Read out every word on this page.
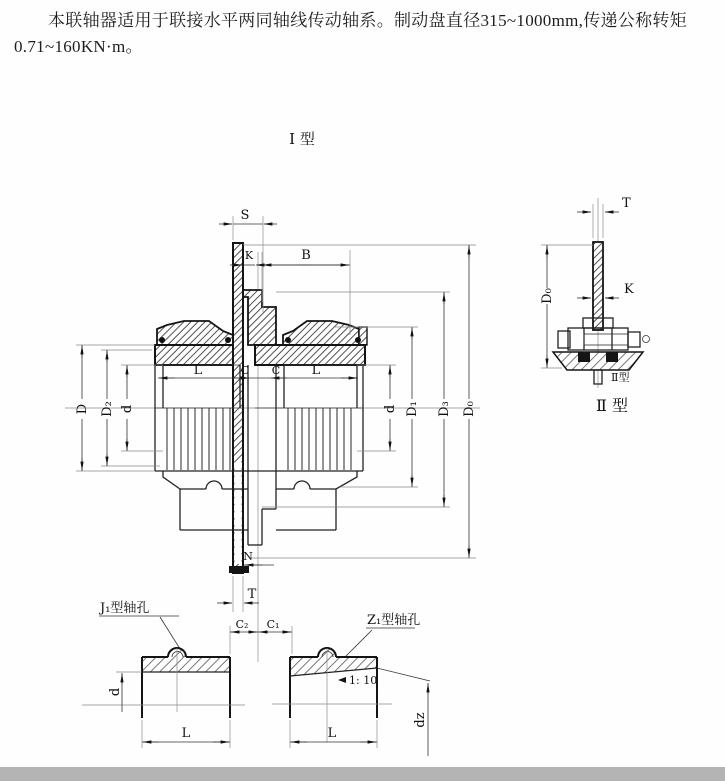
本联轴器适用于联接水平两同轴线传动轴系。制动盘直径315~1000mm,传递公称转矩0.71~160KN·m。
I 型
S
K	B
L	C C L
D D₂ d	d D₁ D₃ D₀
N
T
T
K
D₀
Ⅱ型
Ⅱ 型
J₁型轴孔
d
L
C₂ C₁	Z₁型轴孔
1: 10
dz
L
